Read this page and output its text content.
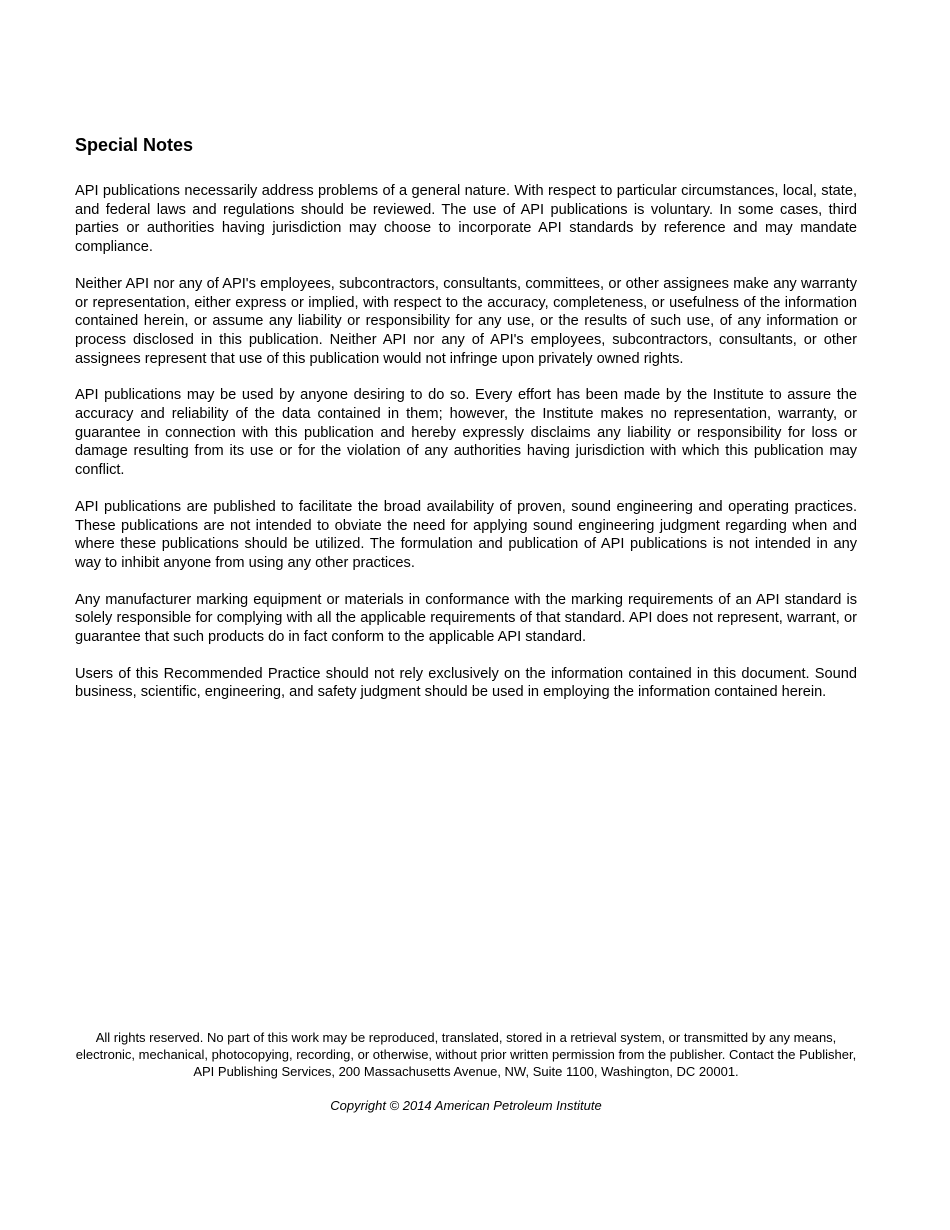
Special Notes

API publications necessarily address problems of a general nature. With respect to particular circumstances, local, state, and federal laws and regulations should be reviewed. The use of API publications is voluntary. In some cases, third parties or authorities having jurisdiction may choose to incorporate API standards by reference and may mandate compliance.

Neither API nor any of API's employees, subcontractors, consultants, committees, or other assignees make any warranty or representation, either express or implied, with respect to the accuracy, completeness, or usefulness of the information contained herein, or assume any liability or responsibility for any use, or the results of such use, of any information or process disclosed in this publication. Neither API nor any of API's employees, subcontractors, consultants, or other assignees represent that use of this publication would not infringe upon privately owned rights.

API publications may be used by anyone desiring to do so. Every effort has been made by the Institute to assure the accuracy and reliability of the data contained in them; however, the Institute makes no representation, warranty, or guarantee in connection with this publication and hereby expressly disclaims any liability or responsibility for loss or damage resulting from its use or for the violation of any authorities having jurisdiction with which this publication may conflict.

API publications are published to facilitate the broad availability of proven, sound engineering and operating practices. These publications are not intended to obviate the need for applying sound engineering judgment regarding when and where these publications should be utilized. The formulation and publication of API publications is not intended in any way to inhibit anyone from using any other practices.

Any manufacturer marking equipment or materials in conformance with the marking requirements of an API standard is solely responsible for complying with all the applicable requirements of that standard. API does not represent, warrant, or guarantee that such products do in fact conform to the applicable API standard.

Users of this Recommended Practice should not rely exclusively on the information contained in this document. Sound business, scientific, engineering, and safety judgment should be used in employing the information contained herein.

All rights reserved. No part of this work may be reproduced, translated, stored in a retrieval system, or transmitted by any means, electronic, mechanical, photocopying, recording, or otherwise, without prior written permission from the publisher. Contact the Publisher, API Publishing Services, 200 Massachusetts Avenue, NW, Suite 1100, Washington, DC 20001.

Copyright © 2014 American Petroleum Institute
